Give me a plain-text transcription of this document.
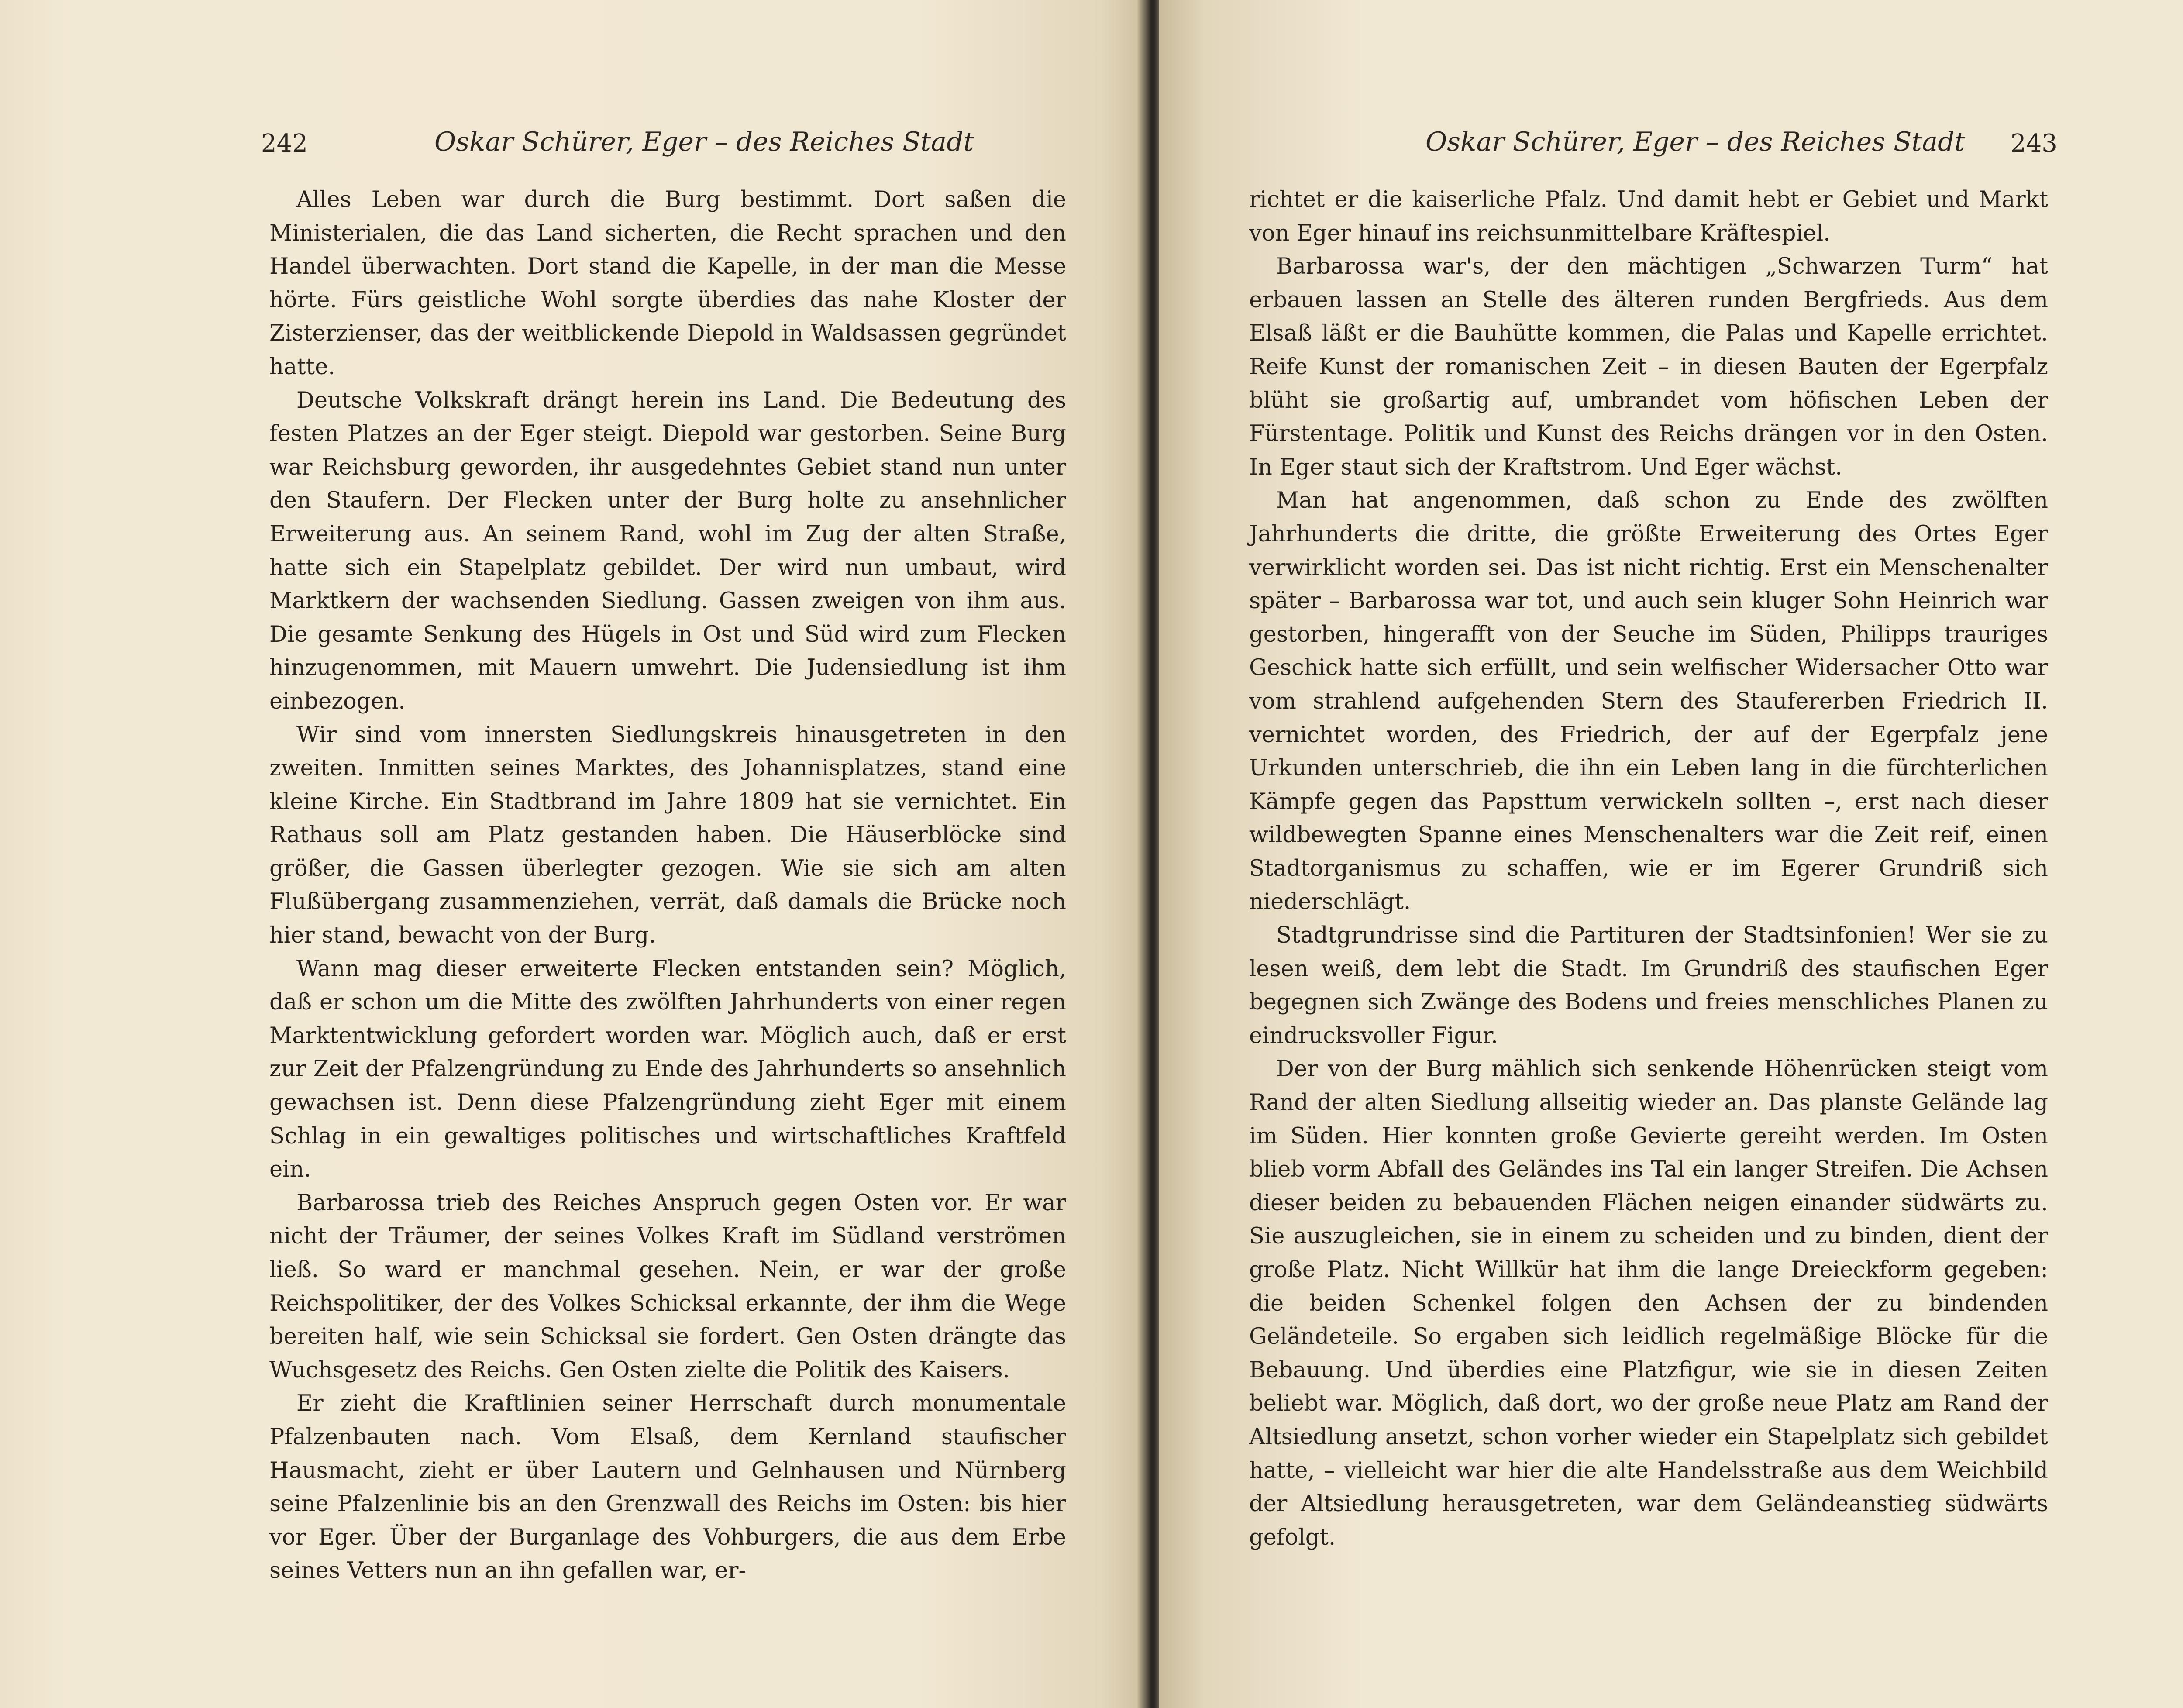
242	Oskar Schürer, Eger – des Reiches Stadt

Alles Leben war durch die Burg bestimmt. Dort saßen die Ministerialen, die das Land sicherten, die Recht sprachen und den Handel überwachten. Dort stand die Kapelle, in der man die Messe hörte. Fürs geistliche Wohl sorgte überdies das nahe Kloster der Zisterzienser, das der weitblickende Diepold in Waldsassen gegründet hatte.

Deutsche Volkskraft drängt herein ins Land. Die Bedeutung des festen Platzes an der Eger steigt. Diepold war gestorben. Seine Burg war Reichsburg geworden, ihr ausgedehntes Gebiet stand nun unter den Staufern. Der Flecken unter der Burg holte zu ansehnlicher Erweiterung aus. An seinem Rand, wohl im Zug der alten Straße, hatte sich ein Stapelplatz gebildet. Der wird nun umbaut, wird Marktkern der wachsenden Siedlung. Gassen zweigen von ihm aus. Die gesamte Senkung des Hügels in Ost und Süd wird zum Flecken hinzugenommen, mit Mauern umwehrt. Die Judensiedlung ist ihm einbezogen.

Wir sind vom innersten Siedlungskreis hinausgetreten in den zweiten. Inmitten seines Marktes, des Johannisplatzes, stand eine kleine Kirche. Ein Stadtbrand im Jahre 1809 hat sie vernichtet. Ein Rathaus soll am Platz gestanden haben. Die Häuserblöcke sind größer, die Gassen überlegter gezogen. Wie sie sich am alten Flußübergang zusammenziehen, verrät, daß damals die Brücke noch hier stand, bewacht von der Burg.

Wann mag dieser erweiterte Flecken entstanden sein? Möglich, daß er schon um die Mitte des zwölften Jahrhunderts von einer regen Marktentwicklung gefordert worden war. Möglich auch, daß er erst zur Zeit der Pfalzengründung zu Ende des Jahrhunderts so ansehnlich gewachsen ist. Denn diese Pfalzengründung zieht Eger mit einem Schlag in ein gewaltiges politisches und wirtschaftliches Kraftfeld ein.

Barbarossa trieb des Reiches Anspruch gegen Osten vor. Er war nicht der Träumer, der seines Volkes Kraft im Südland verströmen ließ. So ward er manchmal gesehen. Nein, er war der große Reichspolitiker, der des Volkes Schicksal erkannte, der ihm die Wege bereiten half, wie sein Schicksal sie fordert. Gen Osten drängte das Wuchsgesetz des Reichs. Gen Osten zielte die Politik des Kaisers.

Er zieht die Kraftlinien seiner Herrschaft durch monumentale Pfalzenbauten nach. Vom Elsaß, dem Kernland staufischer Hausmacht, zieht er über Lautern und Gelnhausen und Nürnberg seine Pfalzenlinie bis an den Grenzwall des Reichs im Osten: bis hier vor Eger. Über der Burganlage des Vohburgers, die aus dem Erbe seines Vetters nun an ihn gefallen war, er-

Oskar Schürer, Eger – des Reiches Stadt 243

richtet er die kaiserliche Pfalz. Und damit hebt er Gebiet und Markt von Eger hinauf ins reichsunmittelbare Kräftespiel.

Barbarossa war's, der den mächtigen „Schwarzen Turm“ hat erbauen lassen an Stelle des älteren runden Bergfrieds. Aus dem Elsaß läßt er die Bauhütte kommen, die Palas und Kapelle errichtet. Reife Kunst der romanischen Zeit – in diesen Bauten der Egerpfalz blüht sie großartig auf, umbrandet vom höfischen Leben der Fürstentage. Politik und Kunst des Reichs drängen vor in den Osten. In Eger staut sich der Kraftstrom. Und Eger wächst.

Man hat angenommen, daß schon zu Ende des zwölften Jahrhunderts die dritte, die größte Erweiterung des Ortes Eger verwirklicht worden sei. Das ist nicht richtig. Erst ein Menschenalter später – Barbarossa war tot, und auch sein kluger Sohn Heinrich war gestorben, hingerafft von der Seuche im Süden, Philipps trauriges Geschick hatte sich erfüllt, und sein welfischer Widersacher Otto war vom strahlend aufgehenden Stern des Staufererben Friedrich II. vernichtet worden, des Friedrich, der auf der Egerpfalz jene Urkunden unterschrieb, die ihn ein Leben lang in die fürchterlichen Kämpfe gegen das Papsttum verwickeln sollten –, erst nach dieser wildbewegten Spanne eines Menschenalters war die Zeit reif, einen Stadtorganismus zu schaffen, wie er im Egerer Grundriß sich niederschlägt.

Stadtgrundrisse sind die Partituren der Stadtsinfonien! Wer sie zu lesen weiß, dem lebt die Stadt. Im Grundriß des staufischen Eger begegnen sich Zwänge des Bodens und freies menschliches Planen zu eindrucksvoller Figur.

Der von der Burg mählich sich senkende Höhenrücken steigt vom Rand der alten Siedlung allseitig wieder an. Das planste Gelände lag im Süden. Hier konnten große Gevierte gereiht werden. Im Osten blieb vorm Abfall des Geländes ins Tal ein langer Streifen. Die Achsen dieser beiden zu bebauenden Flächen neigen einander südwärts zu. Sie auszugleichen, sie in einem zu scheiden und zu binden, dient der große Platz. Nicht Willkür hat ihm die lange Dreieckform gegeben: die beiden Schenkel folgen den Achsen der zu bindenden Geländeteile. So ergaben sich leidlich regelmäßige Blöcke für die Bebauung. Und überdies eine Platzfigur, wie sie in diesen Zeiten beliebt war. Möglich, daß dort, wo der große neue Platz am Rand der Altsiedlung ansetzt, schon vorher wieder ein Stapelplatz sich gebildet hatte, – vielleicht war hier die alte Handelsstraße aus dem Weichbild der Altsiedlung herausgetreten, war dem Geländeanstieg südwärts gefolgt.
